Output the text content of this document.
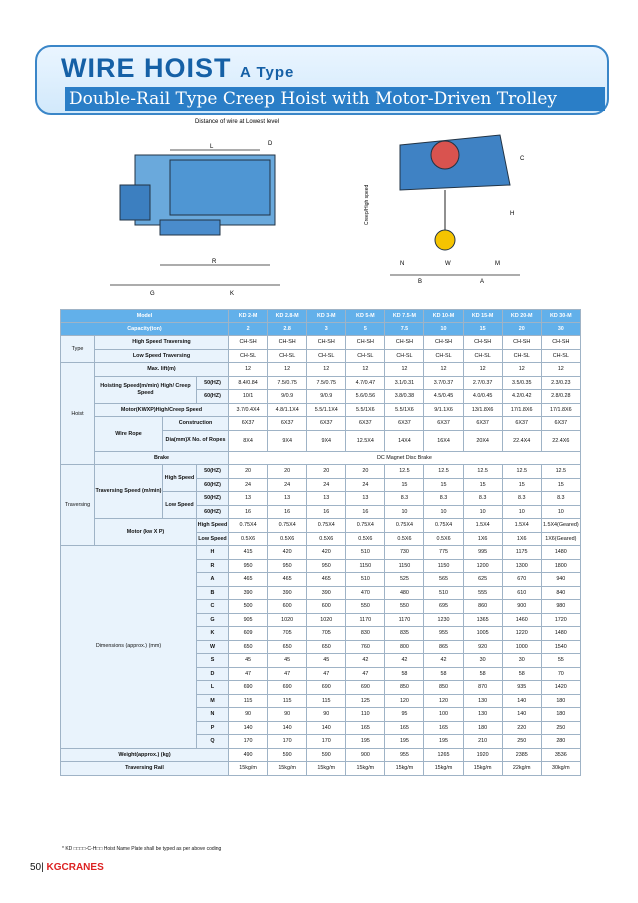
WIRE HOIST A Type
Double-Rail Type Creep Hoist with Motor-Driven Trolley
Distance of wire at Lowest level
L	D
R
G	K
Creep/High speed	H
N	W	M
B	A
C
Model				KD 2-M	KD 2.8-M	KD 3-M	KD 5-M	KD 7.5-M	KD 10-M	KD 15-M	KD 20-M	KD 30-M
Capacity(ton)				2	2.8	3	5	7.5	10	15	20	30
Type	High Speed Traversing			CH-SH	CH-SH	CH-SH	CH-SH	CH-SH	CH-SH	CH-SH	CH-SH	CH-SH
	Low Speed Traversing			CH-SL	CH-SL	CH-SL	CH-SL	CH-SL	CH-SL	CH-SL	CH-SL	CH-SL
Hoist	Max. lift(m)			12	12	12	12	12	12	12	12	12
	Hoisting Speed(m/min) High/ Creep Speed		50(HZ)	8.4/0.84	7.5/0.75	7.5/0.75	4.7/0.47	3.1/0.31	3.7/0.37	2.7/0.37	3.5/0.35	2.3/0.23
			60(HZ)	10/1	9/0.9	9/0.9	5.6/0.56	3.8/0.38	4.5/0.45	4.0/0.45	4.2/0.42	2.8/0.28
	Motor(KWXP)High/Creep Speed			3.7/0.4X4	4.8/1.1X4	5.5/1.1X4	5.5/1X6	5.5/1X6	9/1.1X6	13/1.8X6	17/1.8X6	17/1.8X6
	Wire Rope	Construction		6X37	6X37	6X37	6X37	6X37	6X37	6X37	6X37	6X37
		Dia(mm)X No. of Ropes		8X4	9X4	9X4	12.5X4	14X4	16X4	20X4	22.4X4	22.4X6
	Brake			DC Magnet Disc Brake								
Traversing	Traversing Speed (m/min)	High Speed	50(HZ)	20	20	20	20	12.5	12.5	12.5	12.5	12.5
			60(HZ)	24	24	24	24	15	15	15	15	15
		Low Speed	50(HZ)	13	13	13	13	8.3	8.3	8.3	8.3	8.3
			60(HZ)	16	16	16	16	10	10	10	10	10
	Motor (kw X P)		High Speed	0.75X4	0.75X4	0.75X4	0.75X4	0.75X4	0.75X4	1.5X4	1.5X4	1.5X4(Geared)
			Low Speed	0.5X6	0.5X6	0.5X6	0.5X6	0.5X6	0.5X6	1X6	1X6	1X6(Geared)
Dimensions (approx.) (mm)			H	415	420	420	510	730	775	995	1175	1480
			R	950	950	950	1150	1150	1150	1200	1300	1800
			A	465	465	465	510	525	565	625	670	940
			B	390	390	390	470	480	510	555	610	840
			C	500	600	600	550	550	695	860	900	980
			G	905	1020	1020	1170	1170	1230	1365	1460	1720
			K	609	705	705	830	835	955	1005	1220	1480
			W	650	650	650	760	800	865	920	1000	1540
			S	45	45	45	42	42	42	30	30	55
			D	47	47	47	47	58	58	58	58	70
			L	690	690	690	690	850	850	870	935	1420
			M	115	115	115	125	120	120	130	140	180
			N	90	90	90	110	95	100	130	140	180
			P	140	140	140	165	165	165	180	220	250
			Q	170	170	170	195	195	195	210	250	280
Weight(approx.) (kg)				490	590	590	900	955	1265	1920	2385	3536
Traversing Rail				15kg/m	15kg/m	15kg/m	15kg/m	15kg/m	15kg/m	15kg/m	22kg/m	30kg/m
* KD □□□□-C-H□□ Hoist Name Plate shall be typed as per above coding
50| KGCRANES
